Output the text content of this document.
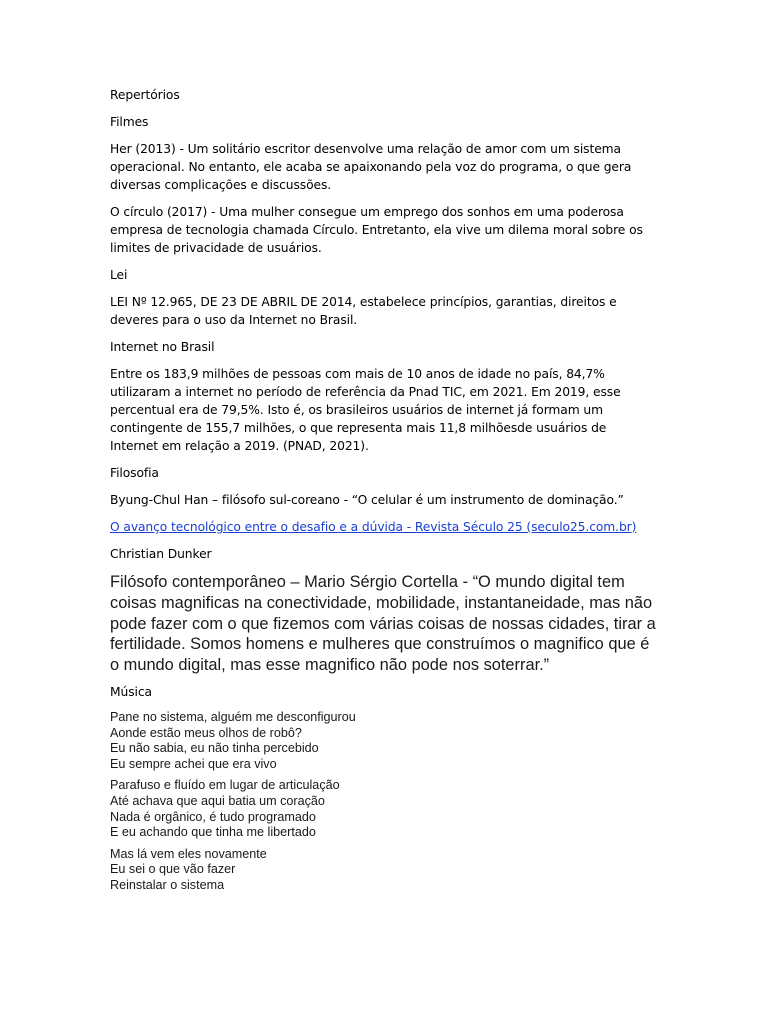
Repertórios

Filmes

Her (2013) - Um solitário escritor desenvolve uma relação de amor com um sistema operacional. No entanto, ele acaba se apaixonando pela voz do programa, o que gera diversas complicações e discussões.

O círculo (2017) - Uma mulher consegue um emprego dos sonhos em uma poderosa empresa de tecnologia chamada Círculo. Entretanto, ela vive um dilema moral sobre os limites de privacidade de usuários.

Lei

LEI Nº 12.965, DE 23 DE ABRIL DE 2014, estabelece princípios, garantias, direitos e deveres para o uso da Internet no Brasil.

Internet no Brasil

Entre os 183,9 milhões de pessoas com mais de 10 anos de idade no país, 84,7% utilizaram a internet no período de referência da Pnad TIC, em 2021. Em 2019, esse percentual era de 79,5%. Isto é, os brasileiros usuários de internet já formam um contingente de 155,7 milhões, o que representa mais 11,8 milhõesde usuários de Internet em relação a 2019. (PNAD, 2021).

Filosofia

Byung-Chul Han – filósofo sul-coreano - “O celular é um instrumento de dominação.”

O avanço tecnológico entre o desafio e a dúvida - Revista Século 25 (seculo25.com.br)

Christian Dunker

Filósofo contemporâneo – Mario Sérgio Cortella - “O mundo digital tem coisas magnificas na conectividade, mobilidade, instantaneidade, mas não pode fazer com o que fizemos com várias coisas de nossas cidades, tirar a fertilidade. Somos homens e mulheres que construímos o magnifico que é o mundo digital, mas esse magnifico não pode nos soterrar.”

Música

Pane no sistema, alguém me desconfigurou
Aonde estão meus olhos de robô?
Eu não sabia, eu não tinha percebido
Eu sempre achei que era vivo
Parafuso e fluído em lugar de articulação
Até achava que aqui batia um coração
Nada é orgânico, é tudo programado
E eu achando que tinha me libertado
Mas lá vem eles novamente
Eu sei o que vão fazer
Reinstalar o sistema
